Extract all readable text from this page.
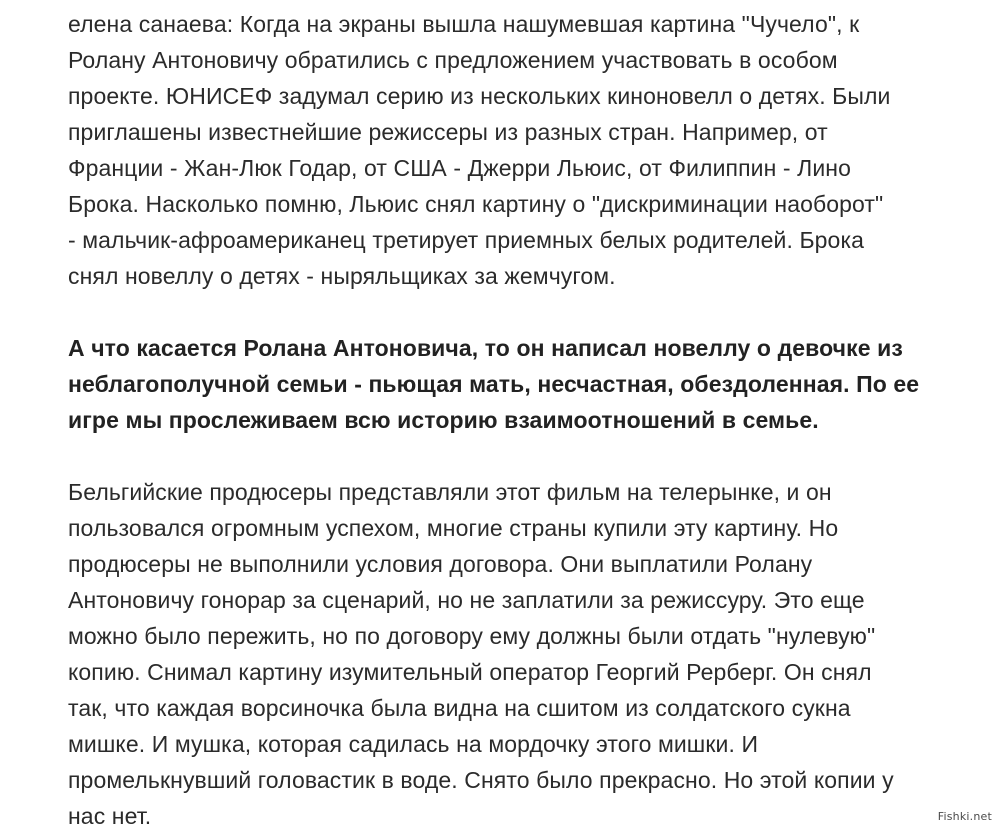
елена санаева: Когда на экраны вышла нашумевшая картина "Чучело", к
Ролану Антоновичу обратились с предложением участвовать в особом
проекте. ЮНИСЕФ задумал серию из нескольких киноновелл о детях. Были
приглашены известнейшие режиссеры из разных стран. Например, от
Франции - Жан-Люк Годар, от США - Джерри Льюис, от Филиппин - Лино
Брока. Насколько помню, Льюис снял картину о "дискриминации наоборот"
- мальчик-афроамериканец третирует приемных белых родителей. Брока
снял новеллу о детях - ныряльщиках за жемчугом.

А что касается Ролана Антоновича, то он написал новеллу о девочке из
неблагополучной семьи - пьющая мать, несчастная, обездоленная. По ее
игре мы прослеживаем всю историю взаимоотношений в семье.

Бельгийские продюсеры представляли этот фильм на телерынке, и он
пользовался огромным успехом, многие страны купили эту картину. Но
продюсеры не выполнили условия договора. Они выплатили Ролану
Антоновичу гонорар за сценарий, но не заплатили за режиссуру. Это еще
можно было пережить, но по договору ему должны были отдать "нулевую"
копию. Снимал картину изумительный оператор Георгий Рерберг. Он снял
так, что каждая ворсиночка была видна на сшитом из солдатского сукна
мишке. И мушка, которая садилась на мордочку этого мишки. И
промелькнувший головастик в воде. Снято было прекрасно. Но этой копии у
нас нет.	Fishki.net
